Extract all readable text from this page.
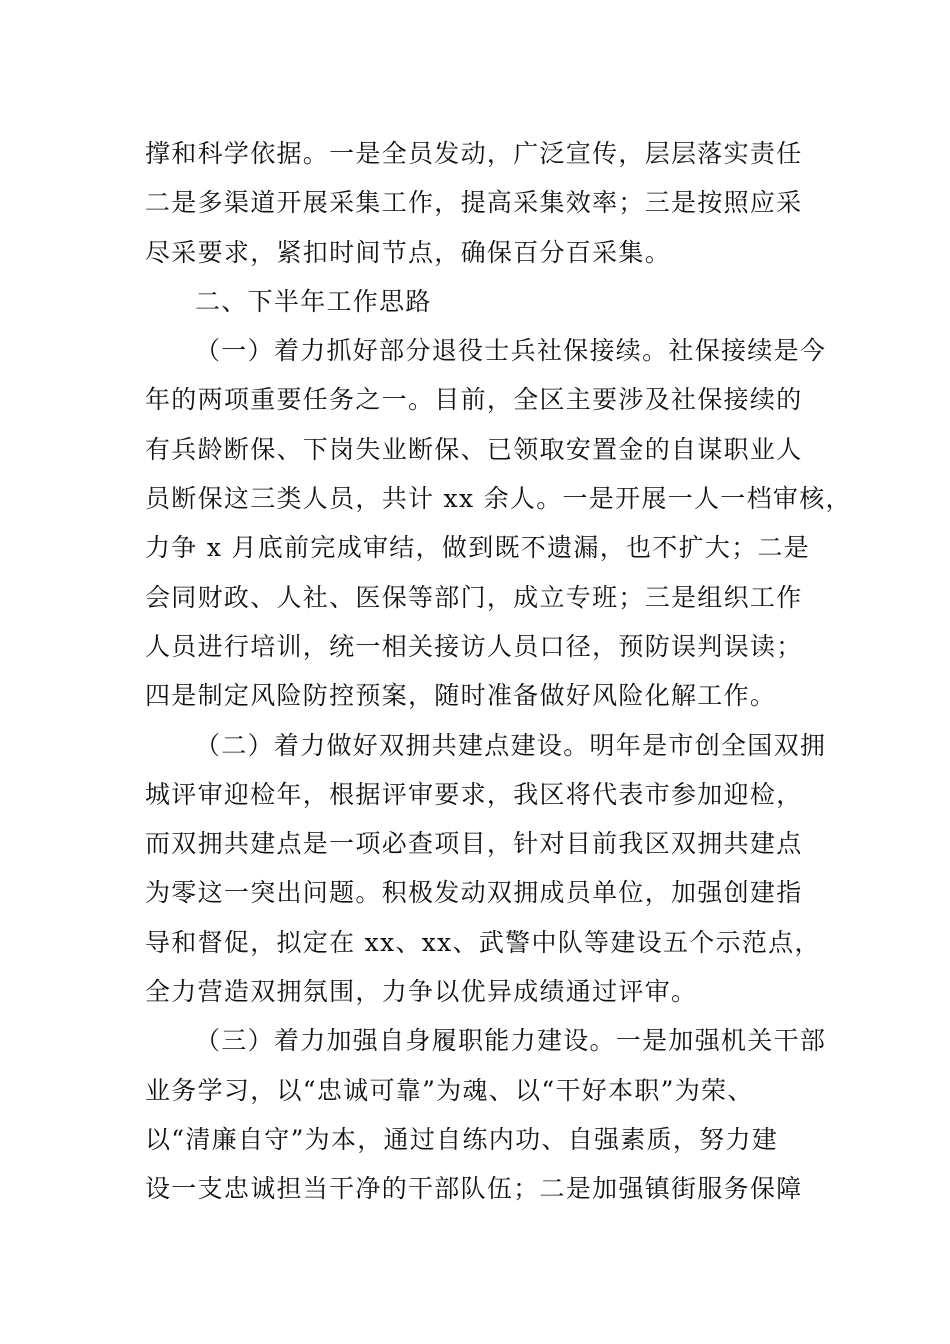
撑和科学依据。一是全员发动，广泛宣传，层层落实责任
二是多渠道开展采集工作，提高采集效率；三是按照应采
尽采要求，紧扣时间节点，确保百分百采集。
二、下半年工作思路
（一）着力抓好部分退役士兵社保接续。社保接续是今
年的两项重要任务之一。目前，全区主要涉及社保接续的
有兵龄断保、下岗失业断保、已领取安置金的自谋职业人
员断保这三类人员，共计 xx 余人。一是开展一人一档审核，
力争 x 月底前完成审结，做到既不遗漏，也不扩大；二是
会同财政、人社、医保等部门，成立专班；三是组织工作
人员进行培训，统一相关接访人员口径，预防误判误读；
四是制定风险防控预案，随时准备做好风险化解工作。
（二）着力做好双拥共建点建设。明年是市创全国双拥
城评审迎检年，根据评审要求，我区将代表市参加迎检，
而双拥共建点是一项必查项目，针对目前我区双拥共建点
为零这一突出问题。积极发动双拥成员单位，加强创建指
导和督促，拟定在 xx、xx、武警中队等建设五个示范点，
全力营造双拥氛围，力争以优异成绩通过评审。
（三）着力加强自身履职能力建设。一是加强机关干部
业务学习，以“忠诚可靠”为魂、以“干好本职”为荣、
以“清廉自守”为本，通过自练内功、自强素质，努力建
设一支忠诚担当干净的干部队伍；二是加强镇街服务保障
